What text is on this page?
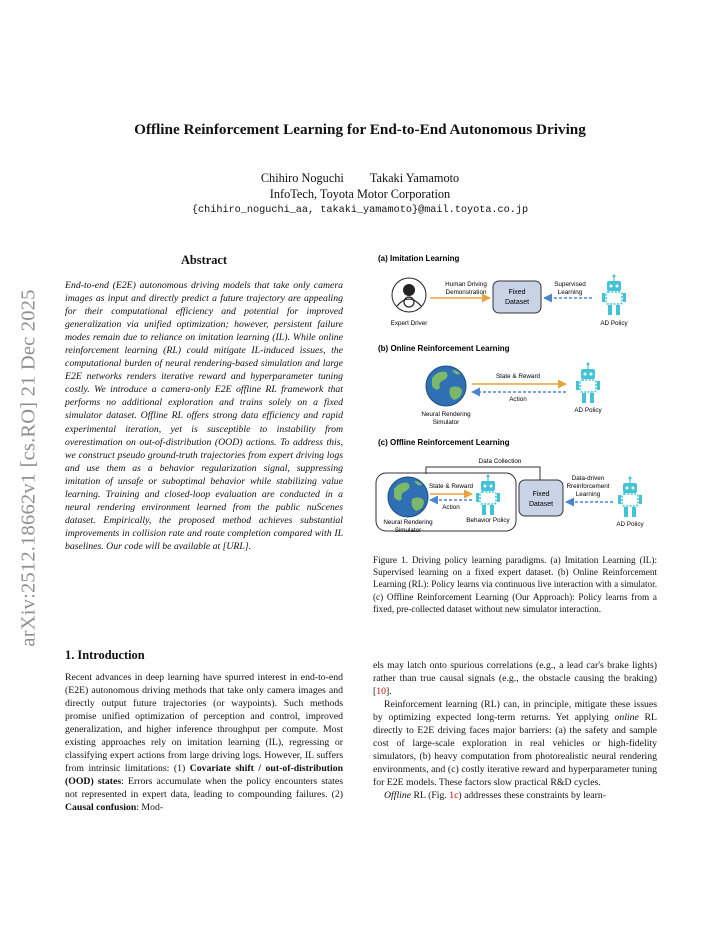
arXiv:2512.18662v1 [cs.RO] 21 Dec 2025
Offline Reinforcement Learning for End-to-End Autonomous Driving
Chihiro Noguchi Takaki Yamamoto
InfoTech, Toyota Motor Corporation
{chihiro_noguchi_aa, takaki_yamamoto}@mail.toyota.co.jp
Abstract
End-to-end (E2E) autonomous driving models that take only camera images as input and directly predict a future trajectory are appealing for their computational efficiency and potential for improved generalization via unified optimization; however, persistent failure modes remain due to reliance on imitation learning (IL). While online reinforcement learning (RL) could mitigate IL-induced issues, the computational burden of neural rendering-based simulation and large E2E networks renders iterative reward and hyperparameter tuning costly. We introduce a camera-only E2E offline RL framework that performs no additional exploration and trains solely on a fixed simulator dataset. Offline RL offers strong data efficiency and rapid experimental iteration, yet is susceptible to instability from overestimation on out-of-distribution (OOD) actions. To address this, we construct pseudo ground-truth trajectories from expert driving logs and use them as a behavior regularization signal, suppressing imitation of unsafe or suboptimal behavior while stabilizing value learning. Training and closed-loop evaluation are conducted in a neural rendering environment learned from the public nuScenes dataset. Empirically, the proposed method achieves substantial improvements in collision rate and route completion compared with IL baselines. Our code will be available at [URL].
1. Introduction
Recent advances in deep learning have spurred interest in end-to-end (E2E) autonomous driving methods that take only camera images and directly output future trajectories (or waypoints). Such methods promise unified optimization of perception and control, improved generalization, and higher inference throughput per compute. Most existing approaches rely on imitation learning (IL), regressing or classifying expert actions from large driving logs. However, IL suffers from intrinsic limitations: (1) Covariate shift / out-of-distribution (OOD) states: Errors accumulate when the policy encounters states not represented in expert data, leading to compounding failures. (2) Causal confusion: Mod-

els may latch onto spurious correlations (e.g., a lead car's brake lights) rather than true causal signals (e.g., the obstacle causing the braking) [10].

Reinforcement learning (RL) can, in principle, mitigate these issues by optimizing expected long-term returns. Yet applying online RL directly to E2E driving faces major barriers: (a) the safety and sample cost of large-scale exploration in real vehicles or high-fidelity simulators, (b) heavy computation from photorealistic neural rendering environments, and (c) costly iterative reward and hyperparameter tuning for E2E models. These factors slow practical R&D cycles.

Offline RL (Fig. 1c) addresses these constraints by learn-

(a) Imitation Learning
Expert Driver
Human Driving
Demonstration	Fixed
Dataset
Supervised
Learning
AD Policy
(b) Online Reinforcement Learning
Neural Rendering
Simulator
State & Reward
Action
AD Policy
(c) Offline Reinforcement Learning
Data Collection
Neural Rendering
Simulator
State & Reward
Action
Behavior Policy
Fixed
Dataset
Data-driven
Rreinforcement
Learning
AD Policy
Figure 1. Driving policy learning paradigms. (a) Imitation Learning (IL): Supervised learning on a fixed expert dataset. (b) Online Reinforcement Learning (RL): Policy learns via continuous live interaction with a simulator. (c) Offline Reinforcement Learning (Our Approach): Policy learns from a fixed, pre-collected dataset without new simulator interaction.
